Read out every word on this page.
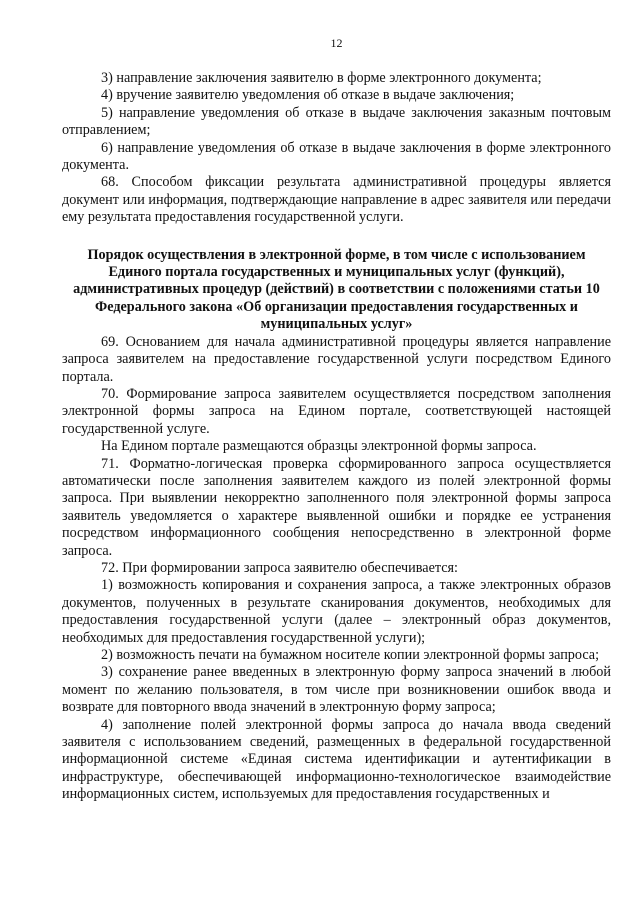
12

3) направление заключения заявителю в форме электронного документа;

4) вручение заявителю уведомления об отказе в выдаче заключения;

5) направление уведомления об отказе в выдаче заключения заказным почтовым отправлением;

6) направление уведомления об отказе в выдаче заключения в форме электронного документа.

68. Способом фиксации результата административной процедуры является документ или информация, подтверждающие направление в адрес заявителя или передачи ему результата предоставления государственной услуги.

Порядок осуществления в электронной форме, в том числе с использованием Единого портала государственных и муниципальных услуг (функций), административных процедур (действий) в соответствии с положениями статьи 10 Федерального закона «Об организации предоставления государственных и муниципальных услуг»

69. Основанием для начала административной процедуры является направление запроса заявителем на предоставление государственной услуги посредством Единого портала.

70. Формирование запроса заявителем осуществляется посредством заполнения электронной формы запроса на Едином портале, соответствующей настоящей государственной услуге.

На Едином портале размещаются образцы электронной формы запроса.

71. Форматно-логическая проверка сформированного запроса осуществляется автоматически после заполнения заявителем каждого из полей электронной формы запроса. При выявлении некорректно заполненного поля электронной формы запроса заявитель уведомляется о характере выявленной ошибки и порядке ее устранения посредством информационного сообщения непосредственно в электронной форме запроса.

72. При формировании запроса заявителю обеспечивается:

1) возможность копирования и сохранения запроса, а также электронных образов документов, полученных в результате сканирования документов, необходимых для предоставления государственной услуги (далее – электронный образ документов, необходимых для предоставления государственной услуги);

2) возможность печати на бумажном носителе копии электронной формы запроса;

3) сохранение ранее введенных в электронную форму запроса значений в любой момент по желанию пользователя, в том числе при возникновении ошибок ввода и возврате для повторного ввода значений в электронную форму запроса;

4) заполнение полей электронной формы запроса до начала ввода сведений заявителя с использованием сведений, размещенных в федеральной государственной информационной системе «Единая система идентификации и аутентификации в инфраструктуре, обеспечивающей информационно-технологическое взаимодействие информационных систем, используемых для предоставления государственных и
